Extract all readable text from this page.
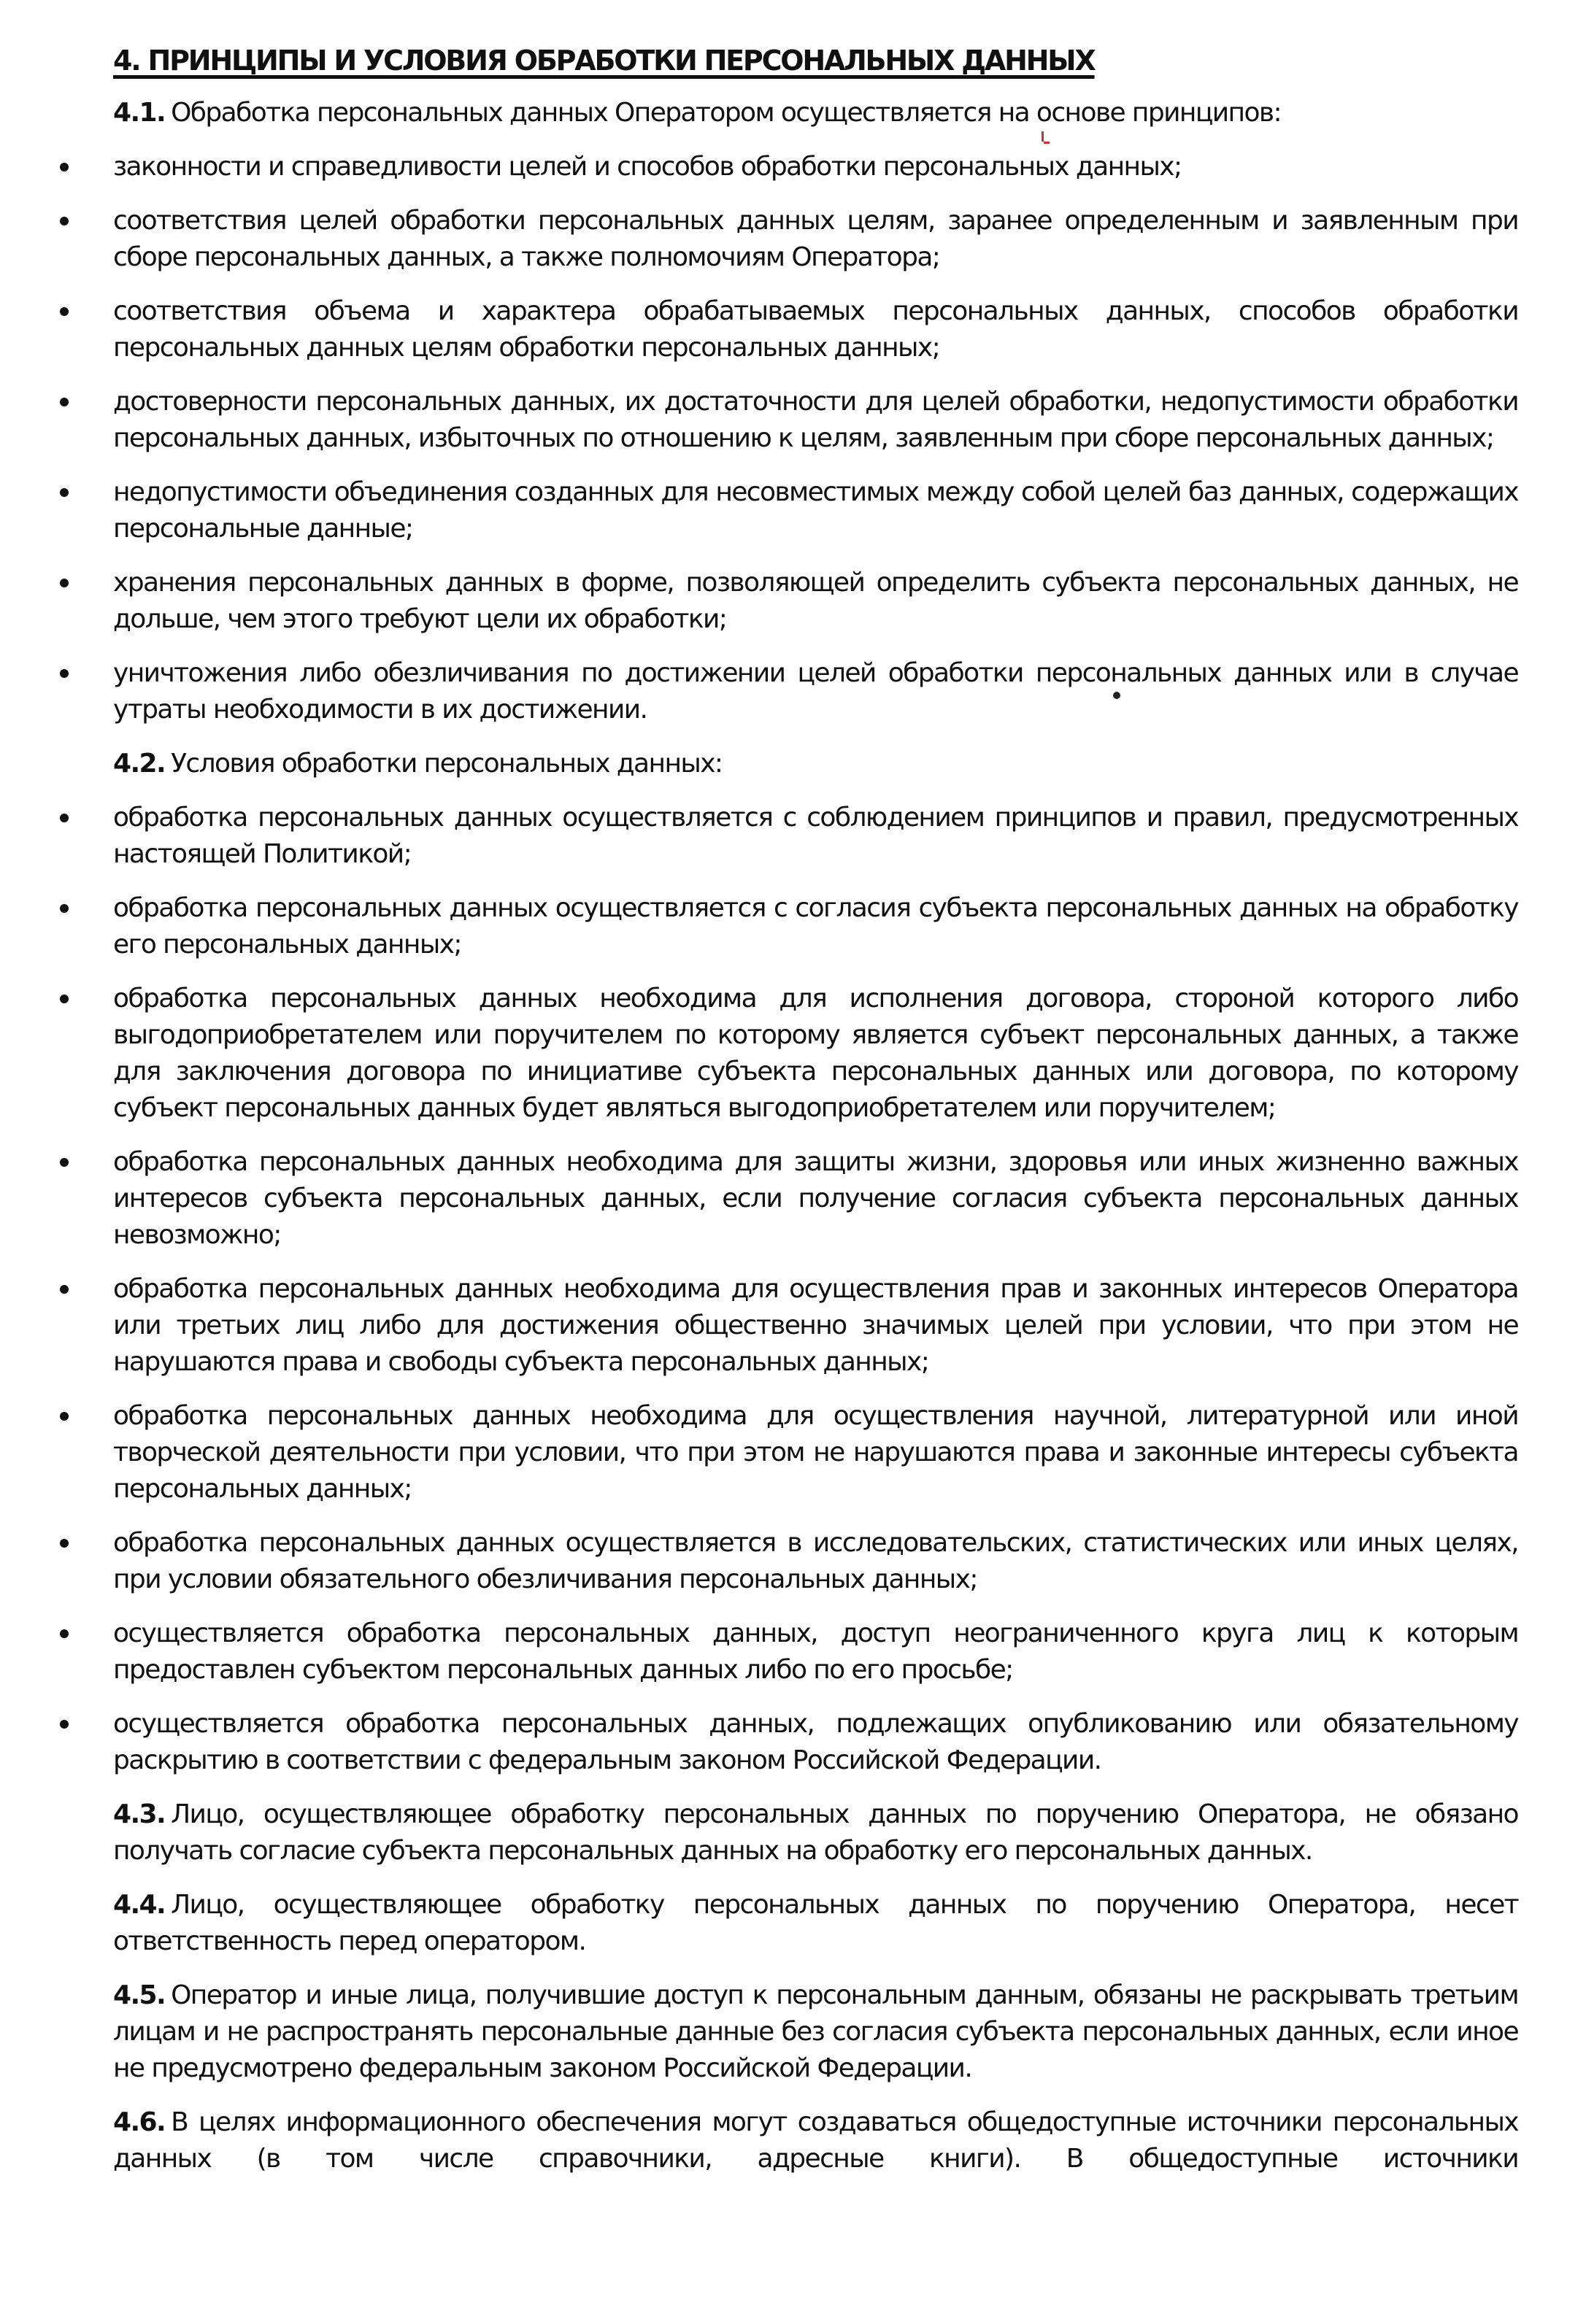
4. ПРИНЦИПЫ И УСЛОВИЯ ОБРАБОТКИ ПЕРСОНАЛЬНЫХ ДАННЫХ

4.1. Обработка персональных данных Оператором осуществляется на основе принципов:

законности и справедливости целей и способов обработки персональных данных;
соответствия целей обработки персональных данных целям, заранее определенным и заявленным при сборе персональных данных, а также полномочиям Оператора;
соответствия объема и характера обрабатываемых персональных данных, способов обработки персональных данных целям обработки персональных данных;
достоверности персональных данных, их достаточности для целей обработки, недопустимости обработки персональных данных, избыточных по отношению к целям, заявленным при сборе персональных данных;
недопустимости объединения созданных для несовместимых между собой целей баз данных, содержащих персональные данные;
хранения персональных данных в форме, позволяющей определить субъекта персональных данных, не дольше, чем этого требуют цели их обработки;
уничтожения либо обезличивания по достижении целей обработки персональных данных или в случае утраты необходимости в их достижении.

4.2. Условия обработки персональных данных:

обработка персональных данных осуществляется с соблюдением принципов и правил, предусмотренных настоящей Политикой;
обработка персональных данных осуществляется с согласия субъекта персональных данных на обработку его персональных данных;
обработка персональных данных необходима для исполнения договора, стороной которого либо выгодоприобретателем или поручителем по которому является субъект персональных данных, а также для заключения договора по инициативе субъекта персональных данных или договора, по которому субъект персональных данных будет являться выгодоприобретателем или поручителем;
обработка персональных данных необходима для защиты жизни, здоровья или иных жизненно важных интересов субъекта персональных данных, если получение согласия субъекта персональных данных невозможно;
обработка персональных данных необходима для осуществления прав и законных интересов Оператора или третьих лиц либо для достижения общественно значимых целей при условии, что при этом не нарушаются права и свободы субъекта персональных данных;
обработка персональных данных необходима для осуществления научной, литературной или иной творческой деятельности при условии, что при этом не нарушаются права и законные интересы субъекта персональных данных;
обработка персональных данных осуществляется в исследовательских, статистических или иных целях, при условии обязательного обезличивания персональных данных;
осуществляется обработка персональных данных, доступ неограниченного круга лиц к которым предоставлен субъектом персональных данных либо по его просьбе;
осуществляется обработка персональных данных, подлежащих опубликованию или обязательному раскрытию в соответствии с федеральным законом Российской Федерации.

4.3. Лицо, осуществляющее обработку персональных данных по поручению Оператора, не обязано получать согласие субъекта персональных данных на обработку его персональных данных.

4.4. Лицо, осуществляющее обработку персональных данных по поручению Оператора, несет ответственность перед оператором.

4.5. Оператор и иные лица, получившие доступ к персональным данным, обязаны не раскрывать третьим лицам и не распространять персональные данные без согласия субъекта персональных данных, если иное не предусмотрено федеральным законом Российской Федерации.

4.6. В целях информационного обеспечения могут создаваться общедоступные источники персональных данных (в том числе справочники, адресные книги). В общедоступные источники
